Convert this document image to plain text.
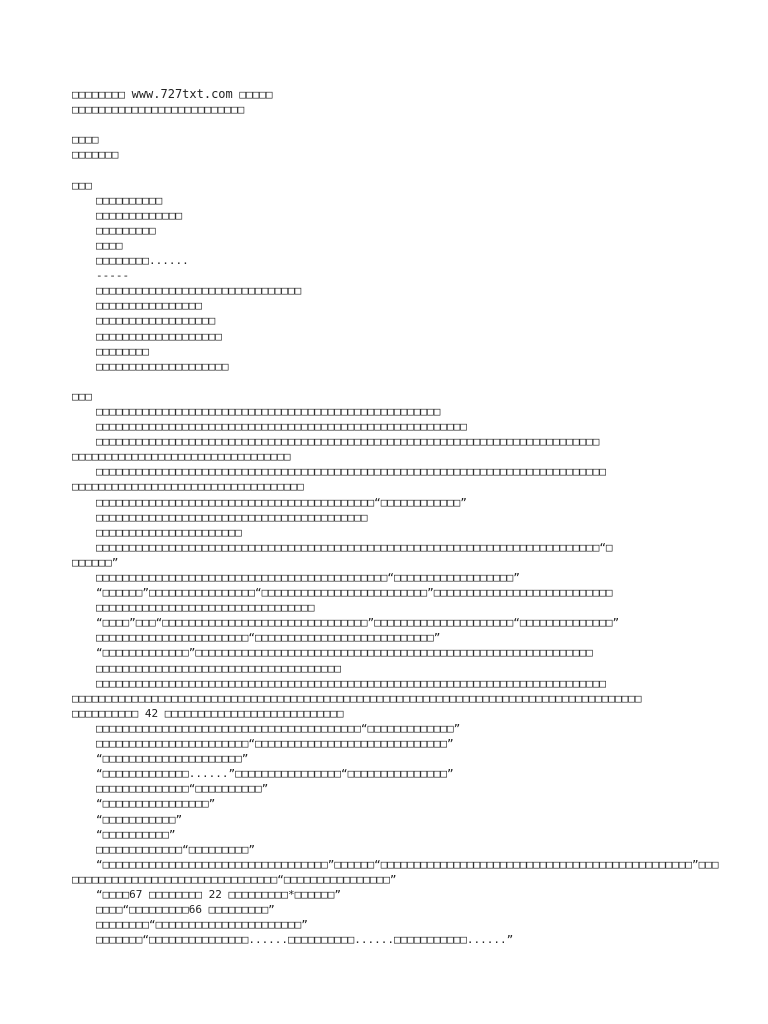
□□□□□□□□ www.727txt.com □□□□□
□□□□□□□□□□□□□□□□□□□□□□□□□□
□□□□
□□□□□□□
□□□
□□□□□□□□□□
□□□□□□□□□□□□□
□□□□□□□□□
□□□□
□□□□□□□□......
-----
□□□□□□□□□□□□□□□□□□□□□□□□□□□□□□□
□□□□□□□□□□□□□□□□
□□□□□□□□□□□□□□□□□□
□□□□□□□□□□□□□□□□□□□
□□□□□□□□
□□□□□□□□□□□□□□□□□□□□
□□□
□□□□□□□□□□□□□□□□□□□□□□□□□□□□□□□□□□□□□□□□□□□□□□□□□□□□
□□□□□□□□□□□□□□□□□□□□□□□□□□□□□□□□□□□□□□□□□□□□□□□□□□□□□□□□
□□□□□□□□□□□□□□□□□□□□□□□□□□□□□□□□□□□□□□□□□□□□□□□□□□□□□□□□□□□□□□□□□□□□□□□□□□□□
□□□□□□□□□□□□□□□□□□□□□□□□□□□□□□□□□
□□□□□□□□□□□□□□□□□□□□□□□□□□□□□□□□□□□□□□□□□□□□□□□□□□□□□□□□□□□□□□□□□□□□□□□□□□□□□
□□□□□□□□□□□□□□□□□□□□□□□□□□□□□□□□□□□
□□□□□□□□□□□□□□□□□□□□□□□□□□□□□□□□□□□□□□□□□□“□□□□□□□□□□□□”
□□□□□□□□□□□□□□□□□□□□□□□□□□□□□□□□□□□□□□□□□
□□□□□□□□□□□□□□□□□□□□□□
□□□□□□□□□□□□□□□□□□□□□□□□□□□□□□□□□□□□□□□□□□□□□□□□□□□□□□□□□□□□□□□□□□□□□□□□□□□□“□
□□□□□□”
□□□□□□□□□□□□□□□□□□□□□□□□□□□□□□□□□□□□□□□□□□□□“□□□□□□□□□□□□□□□□□□”
“□□□□□□”□□□□□□□□□□□□□□□□“□□□□□□□□□□□□□□□□□□□□□□□□□”□□□□□□□□□□□□□□□□□□□□□□□□□□□
□□□□□□□□□□□□□□□□□□□□□□□□□□□□□□□□□
“□□□□”□□□“□□□□□□□□□□□□□□□□□□□□□□□□□□□□□□□”□□□□□□□□□□□□□□□□□□□□□“□□□□□□□□□□□□□□”
□□□□□□□□□□□□□□□□□□□□□□□“□□□□□□□□□□□□□□□□□□□□□□□□□□□”
“□□□□□□□□□□□□□”□□□□□□□□□□□□□□□□□□□□□□□□□□□□□□□□□□□□□□□□□□□□□□□□□□□□□□□□□□□□
□□□□□□□□□□□□□□□□□□□□□□□□□□□□□□□□□□□□□
□□□□□□□□□□□□□□□□□□□□□□□□□□□□□□□□□□□□□□□□□□□□□□□□□□□□□□□□□□□□□□□□□□□□□□□□□□□□□
□□□□□□□□□□□□□□□□□□□□□□□□□□□□□□□□□□□□□□□□□□□□□□□□□□□□□□□□□□□□□□□□□□□□□□□□□□□□□□□□□□□□□□
□□□□□□□□□□ 42 □□□□□□□□□□□□□□□□□□□□□□□□□□□
□□□□□□□□□□□□□□□□□□□□□□□□□□□□□□□□□□□□□□□□“□□□□□□□□□□□□□”
□□□□□□□□□□□□□□□□□□□□□□□“□□□□□□□□□□□□□□□□□□□□□□□□□□□□□”
“□□□□□□□□□□□□□□□□□□□□□”
“□□□□□□□□□□□□□......”□□□□□□□□□□□□□□□□“□□□□□□□□□□□□□□□”
□□□□□□□□□□□□□□“□□□□□□□□□□”
“□□□□□□□□□□□□□□□□”
“□□□□□□□□□□□”
“□□□□□□□□□□”
□□□□□□□□□□□□□“□□□□□□□□□”
“□□□□□□□□□□□□□□□□□□□□□□□□□□□□□□□□□□”□□□□□□“□□□□□□□□□□□□□□□□□□□□□□□□□□□□□□□□□□□□□□□□□□□□□□□”□□□
□□□□□□□□□□□□□□□□□□□□□□□□□□□□□□□“□□□□□□□□□□□□□□□□”
“□□□□67 □□□□□□□□ 22 □□□□□□□□□*□□□□□□”
□□□□“□□□□□□□□□66 □□□□□□□□□”
□□□□□□□□“□□□□□□□□□□□□□□□□□□□□□□”
□□□□□□□“□□□□□□□□□□□□□□□......□□□□□□□□□□......□□□□□□□□□□□......”
